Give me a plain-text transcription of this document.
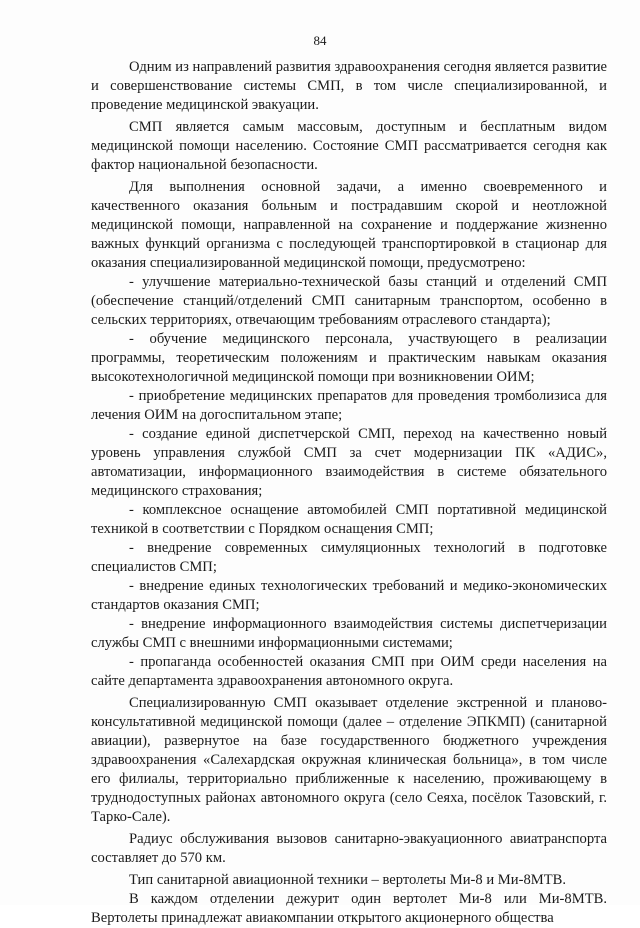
84

Одним из направлений развития здравоохранения сегодня является развитие и совершенствование системы СМП, в том числе специализированной, и проведение медицинской эвакуации.

СМП является самым массовым, доступным и бесплатным видом медицинской помощи населению. Состояние СМП рассматривается сегодня как фактор национальной безопасности.

Для выполнения основной задачи, а именно своевременного и качественного оказания больным и пострадавшим скорой и неотложной медицинской помощи, направленной на сохранение и поддержание жизненно важных функций организма с последующей транспортировкой в стационар для оказания специализированной медицинской помощи, предусмотрено:

- улучшение материально-технической базы станций и отделений СМП (обеспечение станций/отделений СМП санитарным транспортом, особенно в сельских территориях, отвечающим требованиям отраслевого стандарта);

- обучение медицинского персонала, участвующего в реализации программы, теоретическим положениям и практическим навыкам оказания высокотехнологичной медицинской помощи при возникновении ОИМ;

- приобретение медицинских препаратов для проведения тромболизиса для лечения ОИМ на догоспитальном этапе;

- создание единой диспетчерской СМП, переход на качественно новый уровень управления службой СМП за счет модернизации ПК «АДИС», автоматизации, информационного взаимодействия в системе обязательного медицинского страхования;

- комплексное оснащение автомобилей СМП портативной медицинской техникой в соответствии с Порядком оснащения СМП;

- внедрение современных симуляционных технологий в подготовке специалистов СМП;

- внедрение единых технологических требований и медико-экономических стандартов оказания СМП;

- внедрение информационного взаимодействия системы диспетчеризации службы СМП с внешними информационными системами;

- пропаганда особенностей оказания СМП при ОИМ среди населения на сайте департамента здравоохранения автономного округа.

Специализированную СМП оказывает отделение экстренной и планово-консультативной медицинской помощи (далее – отделение ЭПКМП) (санитарной авиации), развернутое на базе государственного бюджетного учреждения здравоохранения «Салехардская окружная клиническая больница», в том числе его филиалы, территориально приближенные к населению, проживающему в труднодоступных районах автономного округа (село Сеяха, посёлок Тазовский, г. Тарко-Сале).

Радиус обслуживания вызовов санитарно-эвакуационного авиатранспорта составляет до 570 км.

Тип санитарной авиационной техники – вертолеты Ми-8 и Ми-8МТВ.

В каждом отделении дежурит один вертолет Ми-8 или Ми-8МТВ. Вертолеты принадлежат авиакомпании открытого акционерного общества
